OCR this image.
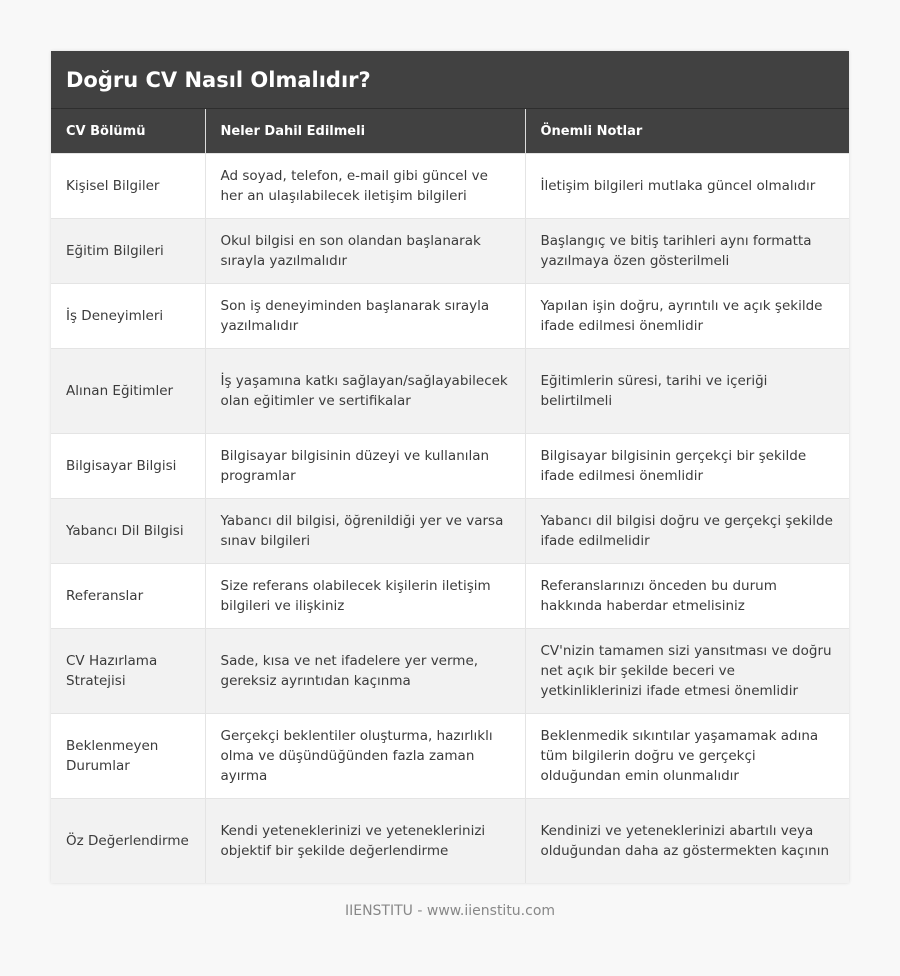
Doğru CV Nasıl Olmalıdır?
CV Bölümü	Neler Dahil Edilmeli	Önemli Notlar
Kişisel Bilgiler	Ad soyad, telefon, e-mail gibi güncel ve her an ulaşılabilecek iletişim bilgileri	İletişim bilgileri mutlaka güncel olmalıdır
Eğitim Bilgileri	Okul bilgisi en son olandan başlanarak sırayla yazılmalıdır	Başlangıç ve bitiş tarihleri aynı formatta yazılmaya özen gösterilmeli
İş Deneyimleri	Son iş deneyiminden başlanarak sırayla yazılmalıdır	Yapılan işin doğru, ayrıntılı ve açık şekilde ifade edilmesi önemlidir
Alınan Eğitimler	İş yaşamına katkı sağlayan/sağlayabilecek olan eğitimler ve sertifikalar	Eğitimlerin süresi, tarihi ve içeriği belirtilmeli
Bilgisayar Bilgisi	Bilgisayar bilgisinin düzeyi ve kullanılan programlar	Bilgisayar bilgisinin gerçekçi bir şekilde ifade edilmesi önemlidir
Yabancı Dil Bilgisi	Yabancı dil bilgisi, öğrenildiği yer ve varsa sınav bilgileri	Yabancı dil bilgisi doğru ve gerçekçi şekilde ifade edilmelidir
Referanslar	Size referans olabilecek kişilerin iletişim bilgileri ve ilişkiniz	Referanslarınızı önceden bu durum hakkında haberdar etmelisiniz
CV Hazırlama Stratejisi	Sade, kısa ve net ifadelere yer verme, gereksiz ayrıntıdan kaçınma	CV'nizin tamamen sizi yansıtması ve doğru net açık bir şekilde beceri ve yetkinliklerinizi ifade etmesi önemlidir
Beklenmeyen Durumlar	Gerçekçi beklentiler oluşturma, hazırlıklı olma ve düşündüğünden fazla zaman ayırma	Beklenmedik sıkıntılar yaşamamak adına tüm bilgilerin doğru ve gerçekçi olduğundan emin olunmalıdır
Öz Değerlendirme	Kendi yeteneklerinizi ve yeteneklerinizi objektif bir şekilde değerlendirme	Kendinizi ve yeteneklerinizi abartılı veya olduğundan daha az göstermekten kaçının
IIENSTITU - www.iienstitu.com
